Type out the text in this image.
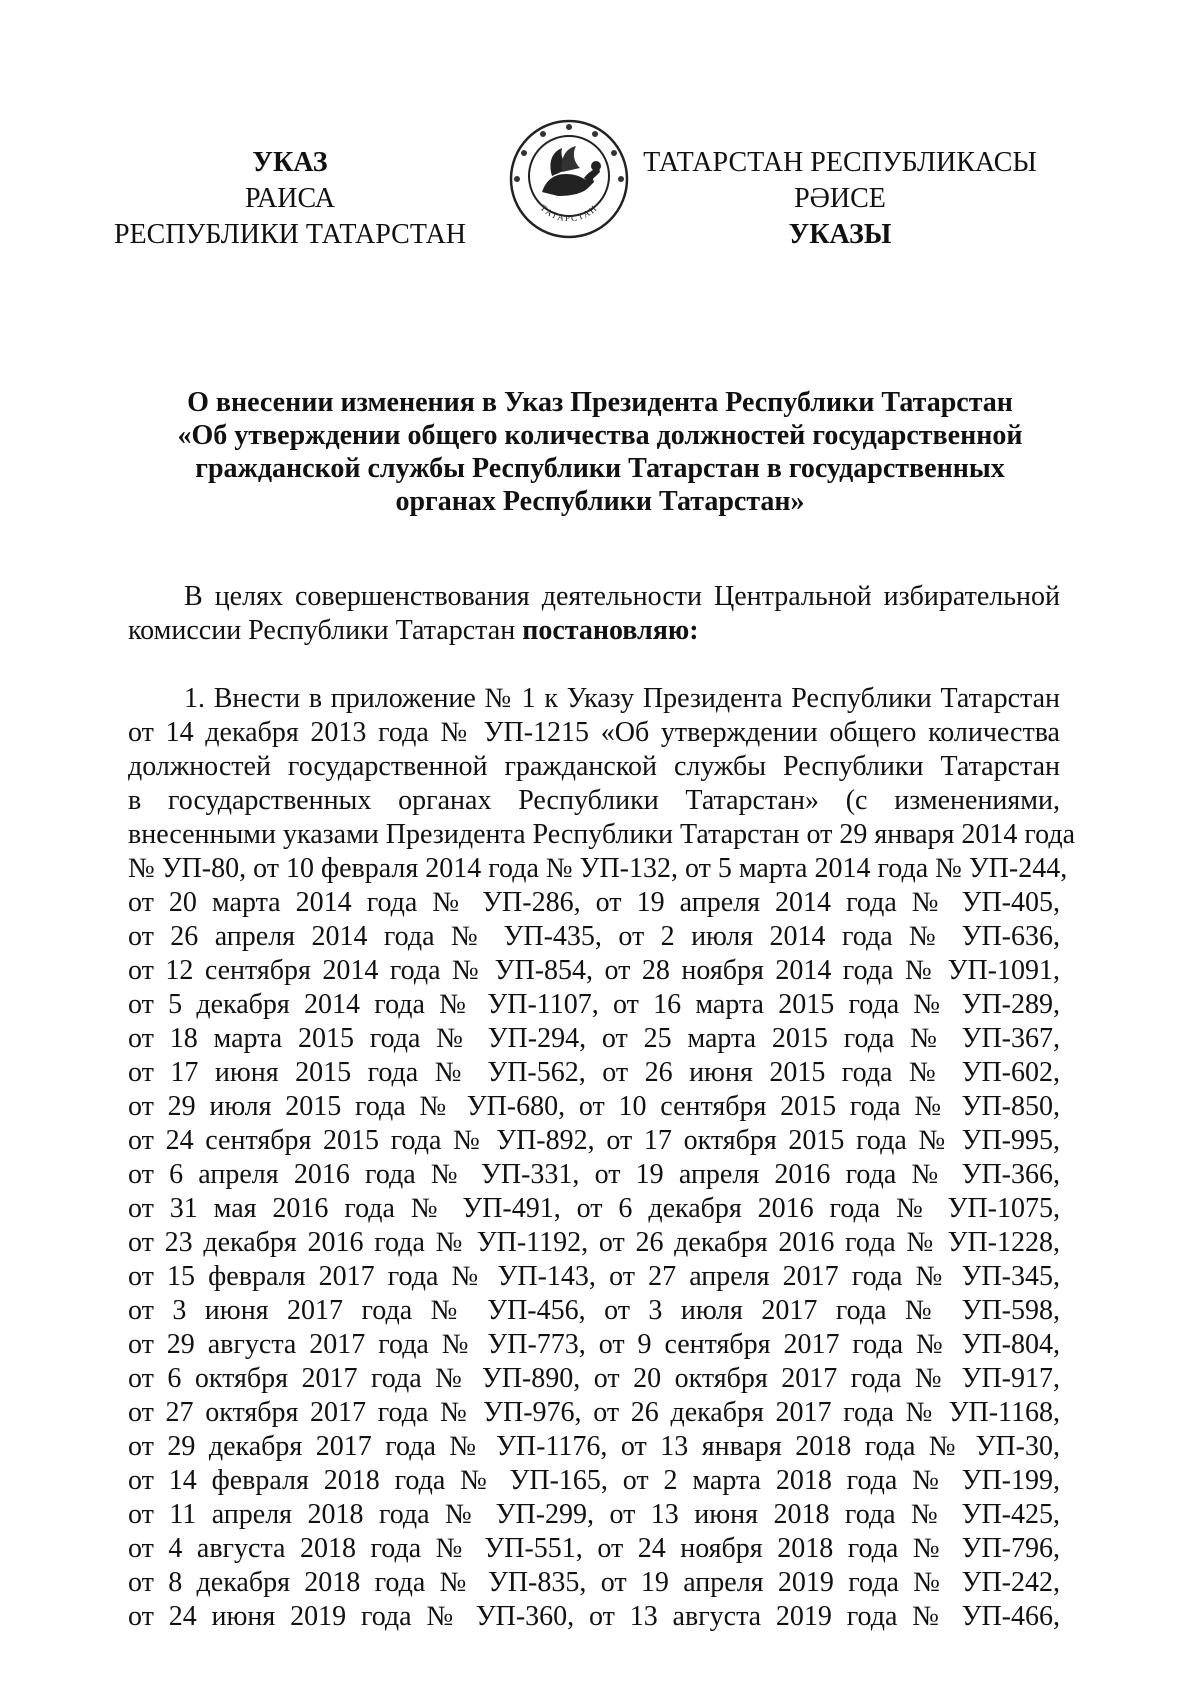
УКАЗ
РАИСА
РЕСПУБЛИКИ ТАТАРСТАН
ТАТАРСТАН
ТАТАРСТАН РЕСПУБЛИКАСЫ
РӘИСЕ
УКАЗЫ
О внесении изменения в Указ Президента Республики Татарстан
«Об утверждении общего количества должностей государственной
гражданской службы Республики Татарстан в государственных
органах Республики Татарстан»
В целях совершенствования деятельности Центральной избирательной
комиссии Республики Татарстан постановляю:
1. Внести в приложение № 1 к Указу Президента Республики Татарстан
от 14 декабря 2013 года № УП-1215 «Об утверждении общего количества
должностей государственной гражданской службы Республики Татарстан
в государственных органах Республики Татарстан» (с изменениями,
внесенными указами Президента Республики Татарстан от 29 января 2014 года
№ УП-80, от 10 февраля 2014 года № УП-132, от 5 марта 2014 года № УП-244,
от 20 марта 2014 года № УП-286, от 19 апреля 2014 года № УП-405,
от 26 апреля 2014 года № УП-435, от 2 июля 2014 года № УП-636,
от 12 сентября 2014 года № УП-854, от 28 ноября 2014 года № УП-1091,
от 5 декабря 2014 года № УП-1107, от 16 марта 2015 года № УП-289,
от 18 марта 2015 года № УП-294, от 25 марта 2015 года № УП-367,
от 17 июня 2015 года № УП-562, от 26 июня 2015 года № УП-602,
от 29 июля 2015 года № УП-680, от 10 сентября 2015 года № УП-850,
от 24 сентября 2015 года № УП-892, от 17 октября 2015 года № УП-995,
от 6 апреля 2016 года № УП-331, от 19 апреля 2016 года № УП-366,
от 31 мая 2016 года № УП-491, от 6 декабря 2016 года № УП-1075,
от 23 декабря 2016 года № УП-1192, от 26 декабря 2016 года № УП-1228,
от 15 февраля 2017 года № УП-143, от 27 апреля 2017 года № УП-345,
от 3 июня 2017 года № УП-456, от 3 июля 2017 года № УП-598,
от 29 августа 2017 года № УП-773, от 9 сентября 2017 года № УП-804,
от 6 октября 2017 года № УП-890, от 20 октября 2017 года № УП-917,
от 27 октября 2017 года № УП-976, от 26 декабря 2017 года № УП-1168,
от 29 декабря 2017 года № УП-1176, от 13 января 2018 года № УП-30,
от 14 февраля 2018 года № УП-165, от 2 марта 2018 года № УП-199,
от 11 апреля 2018 года № УП-299, от 13 июня 2018 года № УП-425,
от 4 августа 2018 года № УП-551, от 24 ноября 2018 года № УП-796,
от 8 декабря 2018 года № УП-835, от 19 апреля 2019 года № УП-242,
от 24 июня 2019 года № УП-360, от 13 августа 2019 года № УП-466,
